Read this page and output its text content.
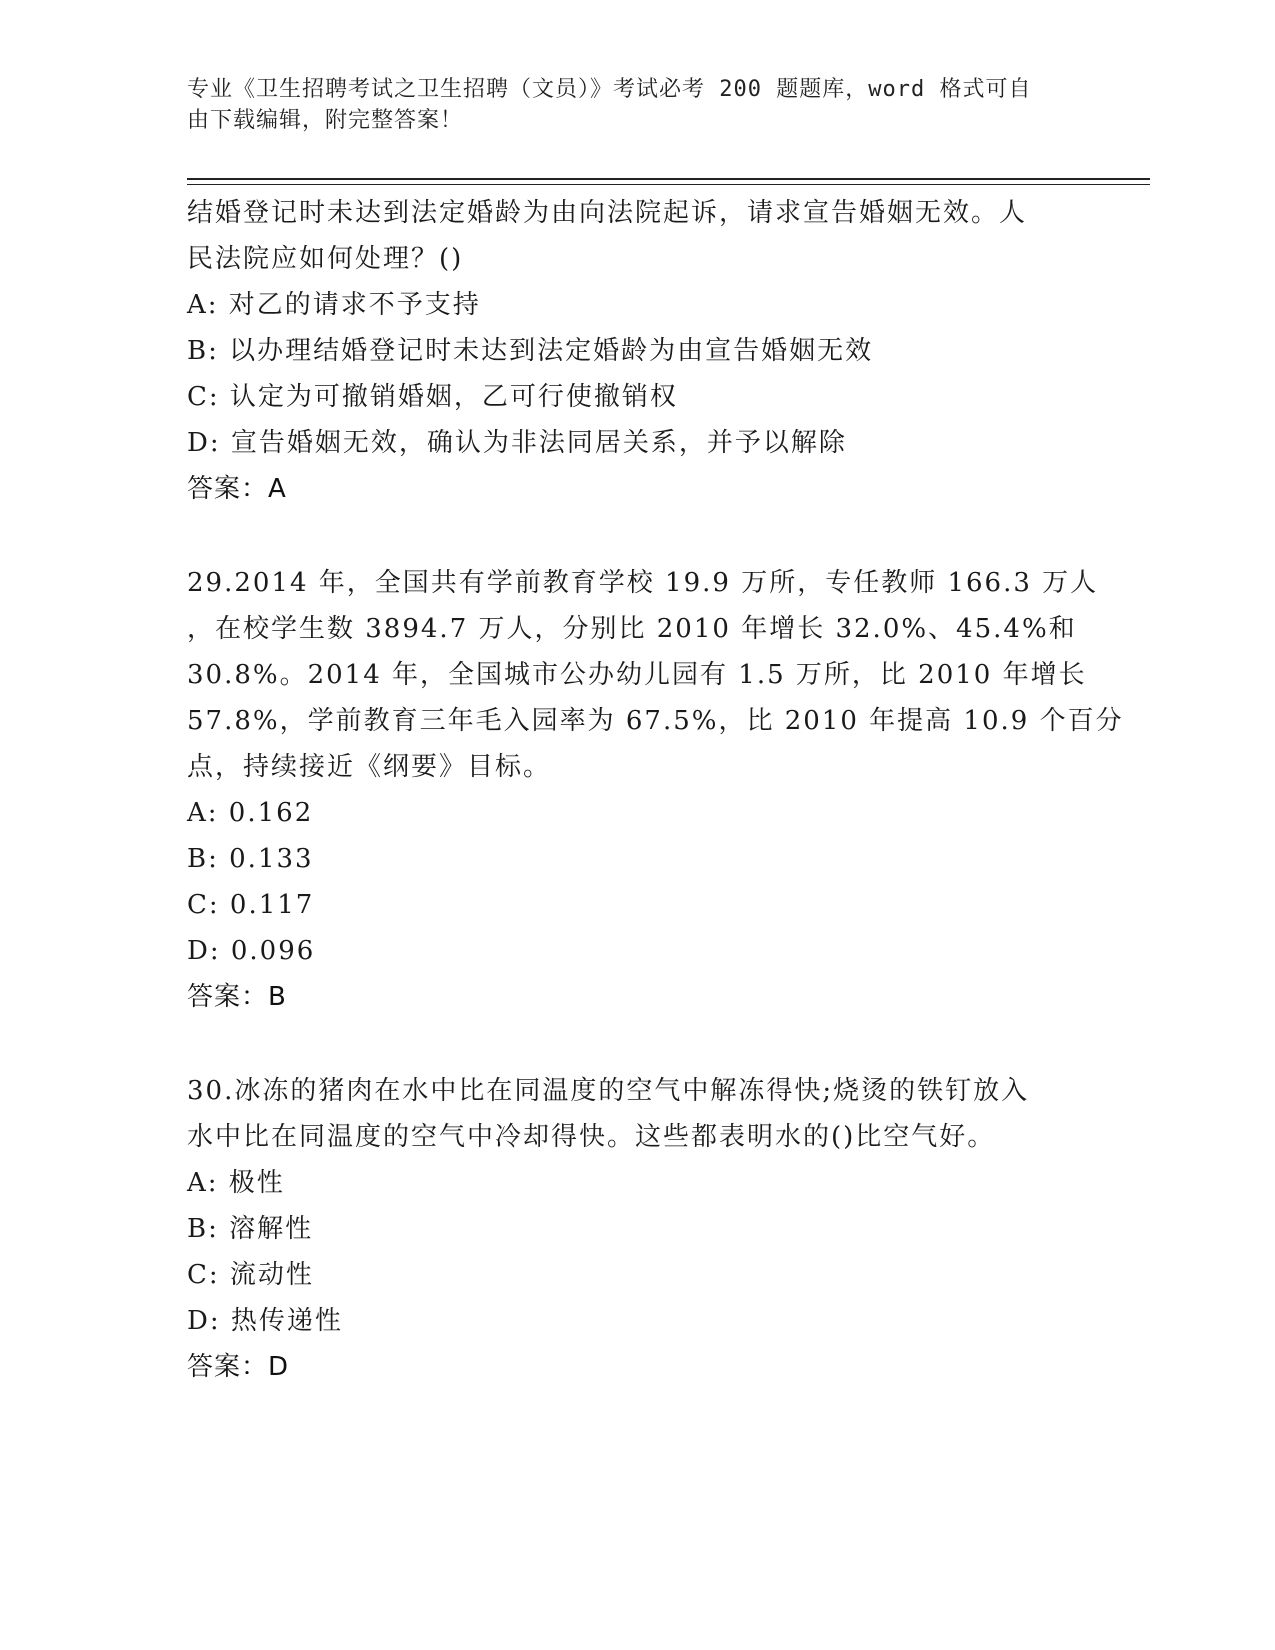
专业《卫生招聘考试之卫生招聘（文员）》考试必考 200 题题库，word 格式可自
由下载编辑，附完整答案！
结婚登记时未达到法定婚龄为由向法院起诉，请求宣告婚姻无效。人
民法院应如何处理？()
A: 对乙的请求不予支持
B: 以办理结婚登记时未达到法定婚龄为由宣告婚姻无效
C: 认定为可撤销婚姻，乙可行使撤销权
D: 宣告婚姻无效，确认为非法同居关系，并予以解除
答案：A
29.2014 年，全国共有学前教育学校 19.9 万所，专任教师 166.3 万人
，在校学生数 3894.7 万人，分别比 2010 年增长 32.0%、45.4%和
30.8%。2014 年，全国城市公办幼儿园有 1.5 万所，比 2010 年增长
57.8%，学前教育三年毛入园率为 67.5%，比 2010 年提高 10.9 个百分
点，持续接近《纲要》目标。
A: 0.162
B: 0.133
C: 0.117
D: 0.096
答案：B
30.冰冻的猪肉在水中比在同温度的空气中解冻得快;烧烫的铁钉放入
水中比在同温度的空气中冷却得快。这些都表明水的()比空气好。
A: 极性
B: 溶解性
C: 流动性
D: 热传递性
答案：D
